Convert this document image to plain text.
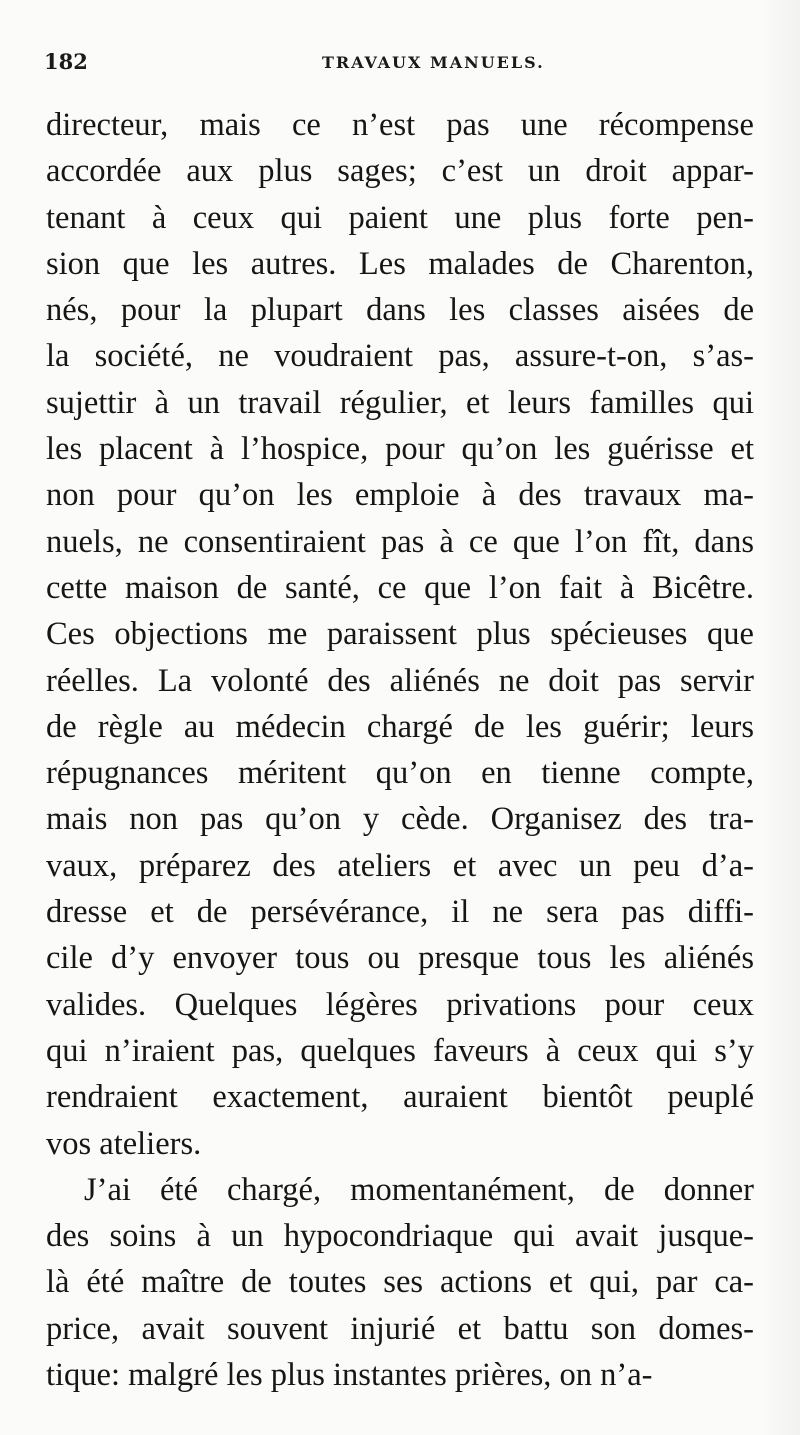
182	TRAVAUX MANUELS.
directeur, mais ce n’est pas une récompense
accordée aux plus sages; c’est un droit appar-
tenant à ceux qui paient une plus forte pen-
sion que les autres. Les malades de Charenton,
nés, pour la plupart dans les classes aisées de
la société, ne voudraient pas, assure-t-on, s’as-
sujettir à un travail régulier, et leurs familles qui
les placent à l’hospice, pour qu’on les guérisse et
non pour qu’on les emploie à des travaux ma-
nuels, ne consentiraient pas à ce que l’on fît, dans
cette maison de santé, ce que l’on fait à Bicêtre.
Ces objections me paraissent plus spécieuses que
réelles. La volonté des aliénés ne doit pas servir
de règle au médecin chargé de les guérir; leurs
répugnances méritent qu’on en tienne compte,
mais non pas qu’on y cède. Organisez des tra-
vaux, préparez des ateliers et avec un peu d’a-
dresse et de persévérance, il ne sera pas diffi-
cile d’y envoyer tous ou presque tous les aliénés
valides. Quelques légères privations pour ceux
qui n’iraient pas, quelques faveurs à ceux qui s’y
rendraient exactement, auraient bientôt peuplé
vos ateliers.
J’ai été chargé, momentanément, de donner
des soins à un hypocondriaque qui avait jusque-
là été maître de toutes ses actions et qui, par ca-
price, avait souvent injurié et battu son domes-
tique: malgré les plus instantes prières, on n’a-
